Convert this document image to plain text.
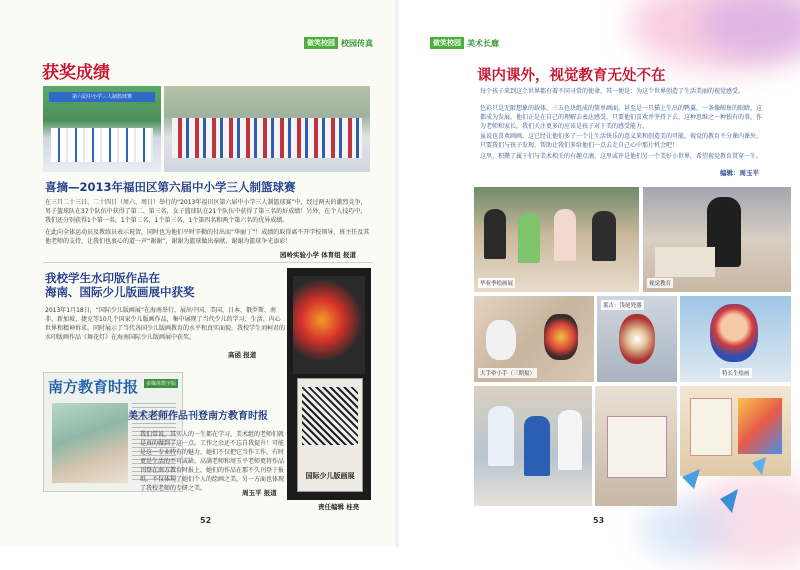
做笑校园 校园传真
获奖成绩
第六届中小学三人制篮球赛
喜摘—2013年福田区第六届中小学三人制篮球赛
在三月二十三日、二十四日（周六、周日）举行的“2013年福田区第六届中小学三人制篮球赛”中，经过两天的激烈竞争，男子篮球队在37个队伍中获得了第二、第三名，女子篮球队在21个队伍中获得了第三名的好成绩！另外，在个人技巧中，我们还分别获得1个第一名，1个第二名，1个第三名，1个第四名和两个第六名的优异成绩。
在此向全体运动员及教练员表示祝贺，同时也为他们平时辛勤的付出而“华丽丁”！成绩的取得离不开学校领导、班主任及其他老师的支持，让我们也衷心的道一声“谢谢”，谢谢为篮球做出奉献，谢谢为篮球争光添彩！
园岭实验小学 体育组 报道
我校学生水印版作品在
海南、国际少儿版画展中获奖
2013年1月18日，“国际少儿版画展”在海南举行，展出中国、美国、日本、俄罗斯、南非、新加坡、捷克等10几个国家少儿版画作品，集中展现了当代少儿的学习、生活、内心世界和精神诉求。同时展示了当代各国少儿版画教育的水平和真实面貌。我校学生刘柯君的水印版画作品《舞花灯》在海南国际少儿版画展中获奖。
高函 报道
国际少儿版画展
南方教育时报	多媒体数字版
美术老师作品刊登南方教育时报
我们常说，其实人的一生都在学习，美术组的老师们就是真的做到了这一点。工作之余还不忘自我提升！可能是这一专业特有的魅力，她们不仅把它当作工作，有时更是生活的不可或缺。高满老师和周玉平老师更将作品刊登在南方教育时报上，她们的作品在那不久刊登于报纸，不仅体现了她们个人的绘画之美，另一方面也体现了我校老师的专研之美。
周玉平 报道
责任编辑 桂亮
52
做笑校园 美术长廊
课内课外，视觉教育无处不在
每个孩子来到这个世界都有着不同寻常的使命，其一便是：为这个世界创造了生活美丽的视觉感受。
色彩只是无限想象的载体，三五色块组成的简单画面，甚至是一只猫上生出的鸭翼，一条像鲸鱼的眼睛，这都成为发展。他们正是在自己的理解去表达感受，只要他们喜欢并坚持下去，这种思维之一种独有的事，作为老师和家长，我们关注更多的应该是孩子对于美的感受能力。
虽说也喜欢画画，这已经让他们多了一个让生活快乐的意义来和创造美的可能，视觉的教育不分课内课外，只要我们与孩子发现，帮助让我们多给他们一点去走自己心中那片机会吧！
这里，积攒了属于们与美术相关的有趣点滴，这里或许是他们另一个美好小世界，希望视觉教育贯穿一生。
编辑：周玉平
毕业季绘画展	视觉教育
大手牵小手（三期报）
莱吉：浅尾瓷器
特长生绘画
53
